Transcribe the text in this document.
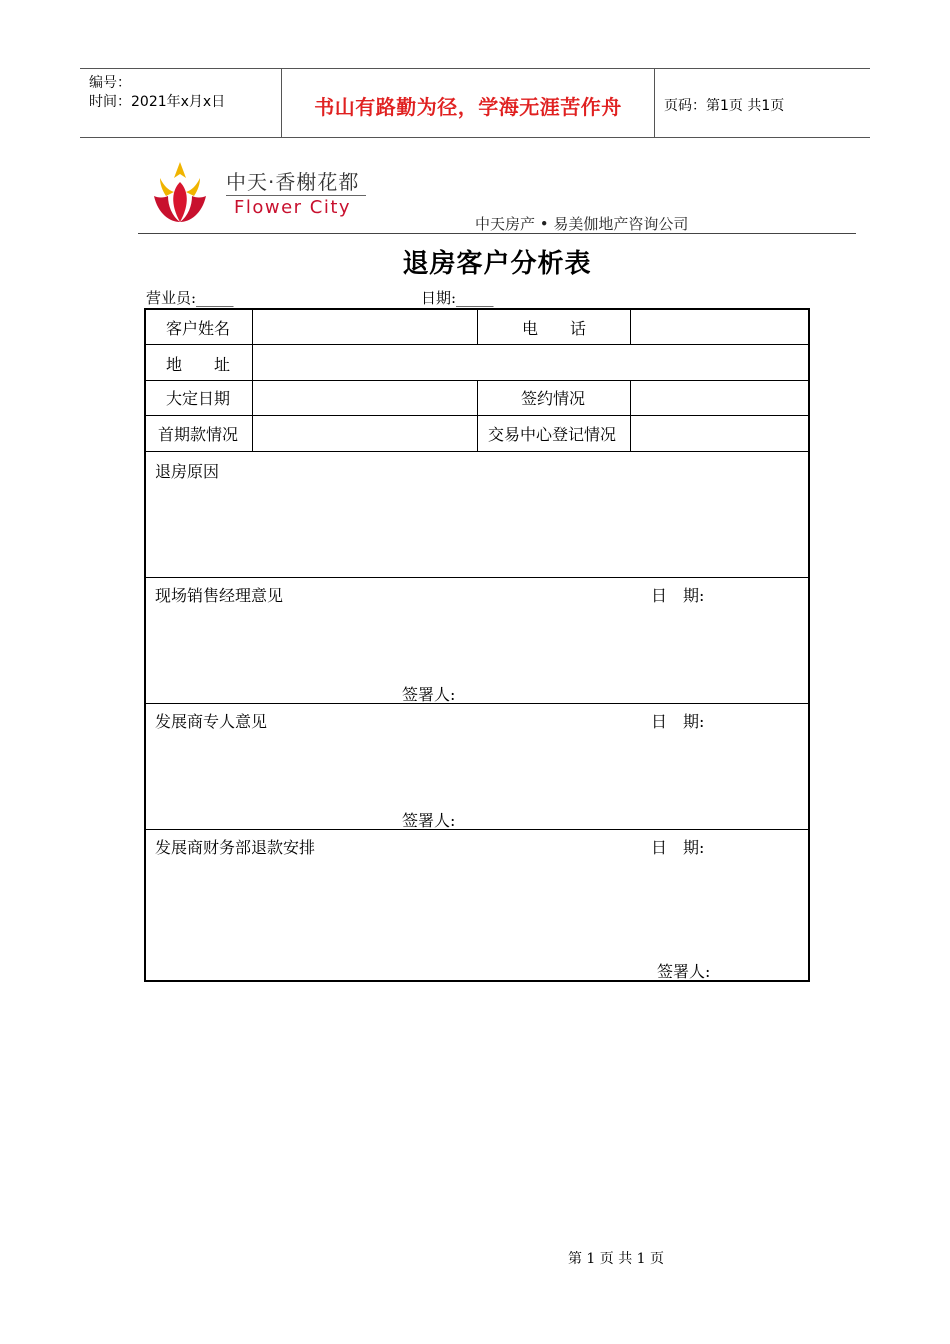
编号：
时间：2021年x月x日	书山有路勤为径，学海无涯苦作舟	页码：第1页 共1页
中天·香榭花都
Flower City
中天房产 • 易美伽地产咨询公司
退房客户分析表
营业员:_____	日期:_____
客户姓名	电　　话
地　　址
大定日期	签约情况
首期款情况	交易中心登记情况
退房原因
现场销售经理意见	日　期:
签署人:
发展商专人意见	日　期:
签署人:
发展商财务部退款安排	日　期:
签署人:
第 1 页 共 1 页
